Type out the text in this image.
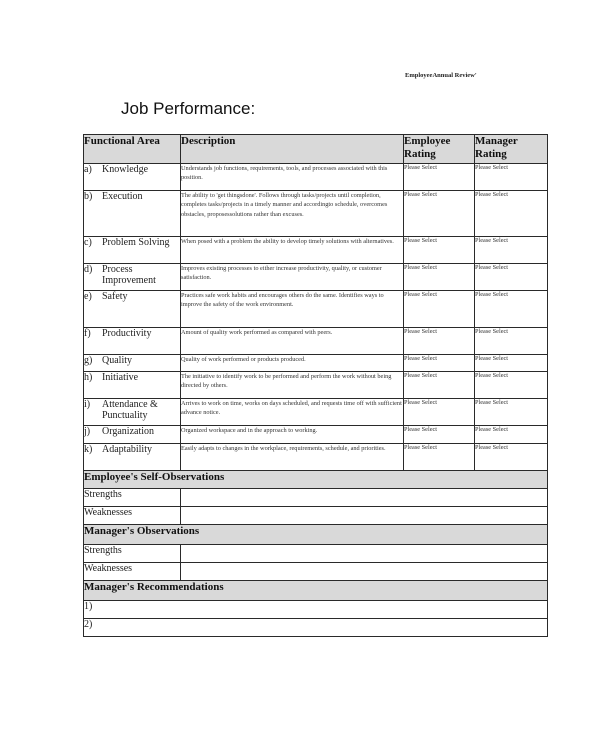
EmployeeAnnual Review'
Job Performance:
Functional Area	Description	Employee Rating	Manager Rating
a) Knowledge	Understands job functions, requirements, tools, and processes associated with this position.	Please Select	Please Select
b) Execution	The ability to 'get thingsdone'. Follows through tasks/projects until completion, completes tasks/projects in a timely manner and accordingto schedule, overcomes obstacles, proposessolutions rather than excuses.	Please Select	Please Select
c) Problem Solving	When posed with a problem the ability to develop timely solutions with alternatives.	Please Select	Please Select
d) Process Improvement	Improves existing processes to either increase productivity, quality, or customer satisfaction.	Please Select	Please Select
e) Safety	Practices safe work habits and encourages others do the same. Identifies ways to improve the safety of the work environment.	Please Select	Please Select
f) Productivity	Amount of quality work performed as compared with peers.	Please Select	Please Select
g) Quality	Quality of work performed or products produced.	Please Select	Please Select
h) Initiative	The initiative to identify work to be performed and perform the work without being directed by others.	Please Select	Please Select
i) Attendance & Punctuality	Arrives to work on time, works on days scheduled, and requests time off with sufficient advance notice.	Please Select	Please Select
j) Organization	Organized workspace and in the approach to working.	Please Select	Please Select
k) Adaptability	Easily adapts to changes in the workplace, requirements, schedule, and priorities.	Please Select	Please Select
Employee's Self-Observations			
Strengths			
Weaknesses			
Manager's Observations			
Strengths			
Weaknesses			
Manager's Recommendations			
1)			
2)			
